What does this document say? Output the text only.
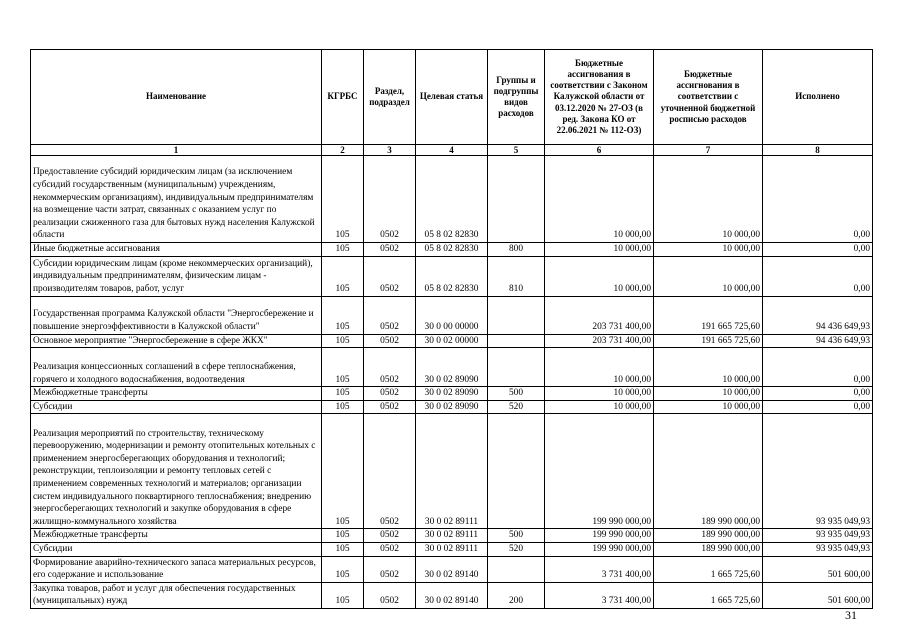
Наименование	КГРБС	Раздел, подраздел	Целевая статья	Группы и подгруппы видов расходов	Бюджетные ассигнования в соответствии с Законом Калужской области от 03.12.2020 № 27-ОЗ (в ред. Закона КО от 22.06.2021 № 112-ОЗ)	Бюджетные ассигнования в соответствии с уточненной бюджетной росписью расходов	Исполнено
1	2	3	4	5	6	7	8
Предоставление субсидий юридическим лицам (за исключением субсидий государственным (муниципальным) учреждениям, некоммерческим организациям), индивидуальным предпринимателям на возмещение части затрат, связанных с оказанием услуг по реализации сжиженного газа для бытовых нужд населения Калужской области	105	0502	05 8 02 82830		10 000,00	10 000,00	0,00
Иные бюджетные ассигнования	105	0502	05 8 02 82830	800	10 000,00	10 000,00	0,00
Субсидии юридическим лицам (кроме некоммерческих организаций), индивидуальным предпринимателям, физическим лицам - производителям товаров, работ, услуг	105	0502	05 8 02 82830	810	10 000,00	10 000,00	0,00
Государственная программа Калужской области "Энергосбережение и повышение энергоэффективности в Калужской области"	105	0502	30 0 00 00000		203 731 400,00	191 665 725,60	94 436 649,93
Основное мероприятие "Энергосбережение в сфере ЖКХ"	105	0502	30 0 02 00000		203 731 400,00	191 665 725,60	94 436 649,93
Реализация концессионных соглашений в сфере теплоснабжения, горячего и холодного водоснабжения, водоотведения	105	0502	30 0 02 89090		10 000,00	10 000,00	0,00
Межбюджетные трансферты	105	0502	30 0 02 89090	500	10 000,00	10 000,00	0,00
Субсидии	105	0502	30 0 02 89090	520	10 000,00	10 000,00	0,00
Реализация мероприятий по строительству, техническому перевооружению, модернизации и ремонту отопительных котельных с применением энергосберегающих оборудования и технологий; реконструкции, теплоизоляции и ремонту тепловых сетей с применением современных технологий и материалов; организации систем индивидуального поквартирного теплоснабжения; внедрению энергосберегающих технологий и закупке оборудования в сфере жилищно-коммунального хозяйства	105	0502	30 0 02 89111		199 990 000,00	189 990 000,00	93 935 049,93
Межбюджетные трансферты	105	0502	30 0 02 89111	500	199 990 000,00	189 990 000,00	93 935 049,93
Субсидии	105	0502	30 0 02 89111	520	199 990 000,00	189 990 000,00	93 935 049,93
Формирование аварийно-технического запаса материальных ресурсов, его содержание и использование	105	0502	30 0 02 89140		3 731 400,00	1 665 725,60	501 600,00
Закупка товаров, работ и услуг для обеспечения государственных (муниципальных) нужд	105	0502	30 0 02 89140	200	3 731 400,00	1 665 725,60	501 600,00
31
